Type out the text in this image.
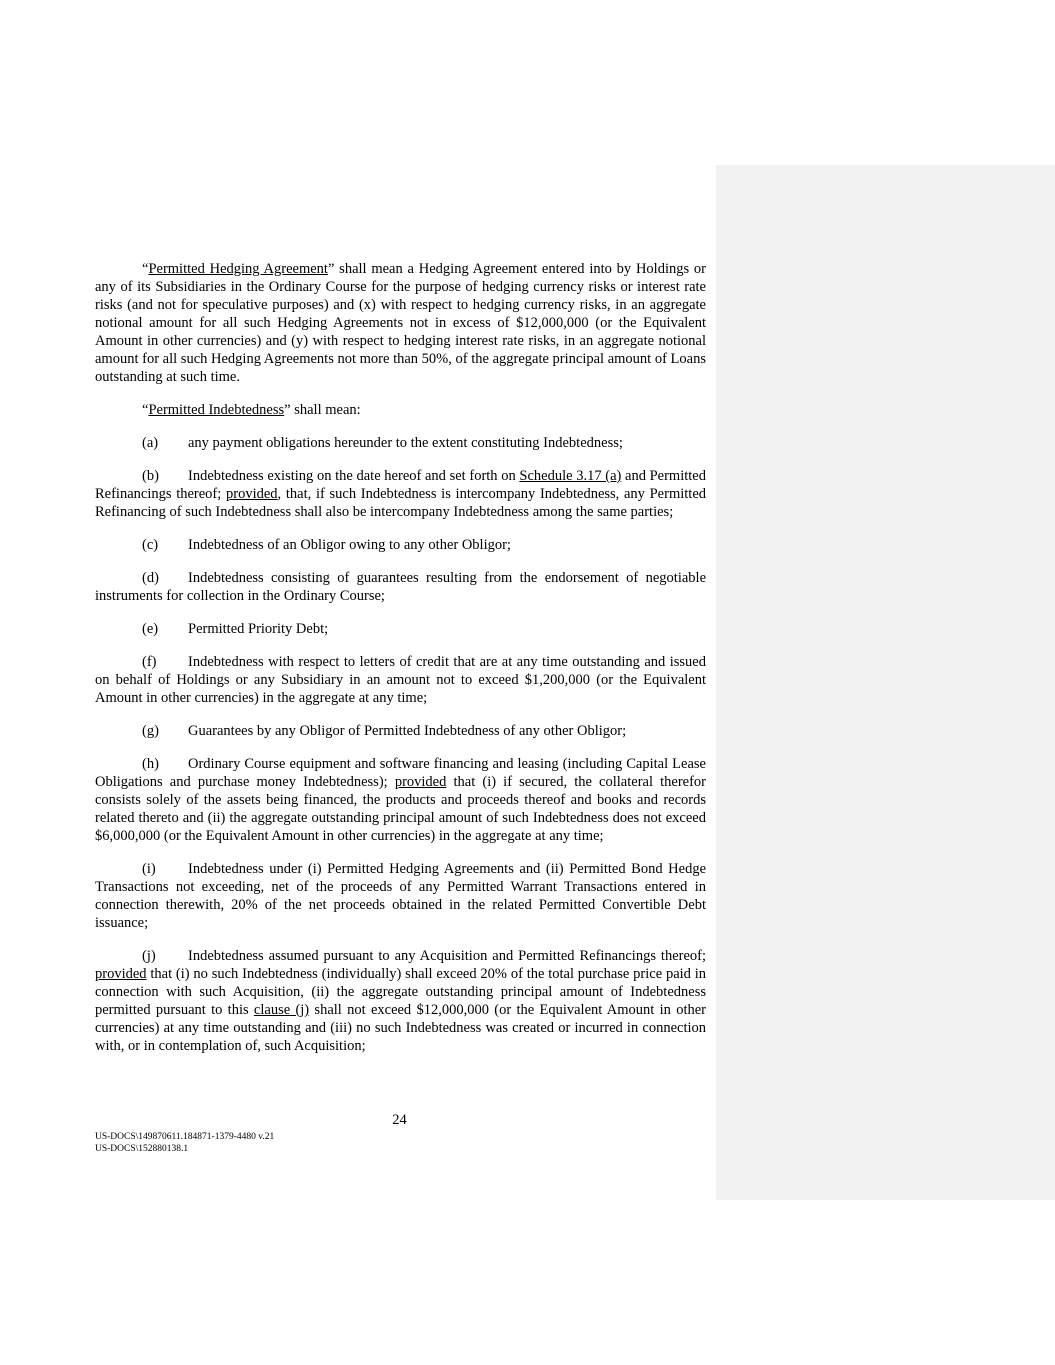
“Permitted Hedging Agreement” shall mean a Hedging Agreement entered into by Holdings or any of its Subsidiaries in the Ordinary Course for the purpose of hedging currency risks or interest rate risks (and not for speculative purposes) and (x) with respect to hedging currency risks, in an aggregate notional amount for all such Hedging Agreements not in excess of $12,000,000 (or the Equivalent Amount in other currencies) and (y) with respect to hedging interest rate risks, in an aggregate notional amount for all such Hedging Agreements not more than 50%, of the aggregate principal amount of Loans outstanding at such time.

“Permitted Indebtedness” shall mean:

(a) any payment obligations hereunder to the extent constituting Indebtedness;

(b) Indebtedness existing on the date hereof and set forth on Schedule 3.17 (a) and Permitted Refinancings thereof; provided, that, if such Indebtedness is intercompany Indebtedness, any Permitted Refinancing of such Indebtedness shall also be intercompany Indebtedness among the same parties;

(c) Indebtedness of an Obligor owing to any other Obligor;

(d) Indebtedness consisting of guarantees resulting from the endorsement of negotiable instruments for collection in the Ordinary Course;

(e) Permitted Priority Debt;

(f) Indebtedness with respect to letters of credit that are at any time outstanding and issued on behalf of Holdings or any Subsidiary in an amount not to exceed $1,200,000 (or the Equivalent Amount in other currencies) in the aggregate at any time;

(g) Guarantees by any Obligor of Permitted Indebtedness of any other Obligor;

(h) Ordinary Course equipment and software financing and leasing (including Capital Lease Obligations and purchase money Indebtedness); provided that (i) if secured, the collateral therefor consists solely of the assets being financed, the products and proceeds thereof and books and records related thereto and (ii) the aggregate outstanding principal amount of such Indebtedness does not exceed $6,000,000 (or the Equivalent Amount in other currencies) in the aggregate at any time;

(i) Indebtedness under (i) Permitted Hedging Agreements and (ii) Permitted Bond Hedge Transactions not exceeding, net of the proceeds of any Permitted Warrant Transactions entered in connection therewith, 20% of the net proceeds obtained in the related Permitted Convertible Debt issuance;

(j) Indebtedness assumed pursuant to any Acquisition and Permitted Refinancings thereof; provided that (i) no such Indebtedness (individually) shall exceed 20% of the total purchase price paid in connection with such Acquisition, (ii) the aggregate outstanding principal amount of Indebtedness permitted pursuant to this clause (j) shall not exceed $12,000,000 (or the Equivalent Amount in other currencies) at any time outstanding and (iii) no such Indebtedness was created or incurred in connection with, or in contemplation of, such Acquisition;

24
US-DOCS\149870611.184871-1379-4480 v.21
US-DOCS\152880138.1
